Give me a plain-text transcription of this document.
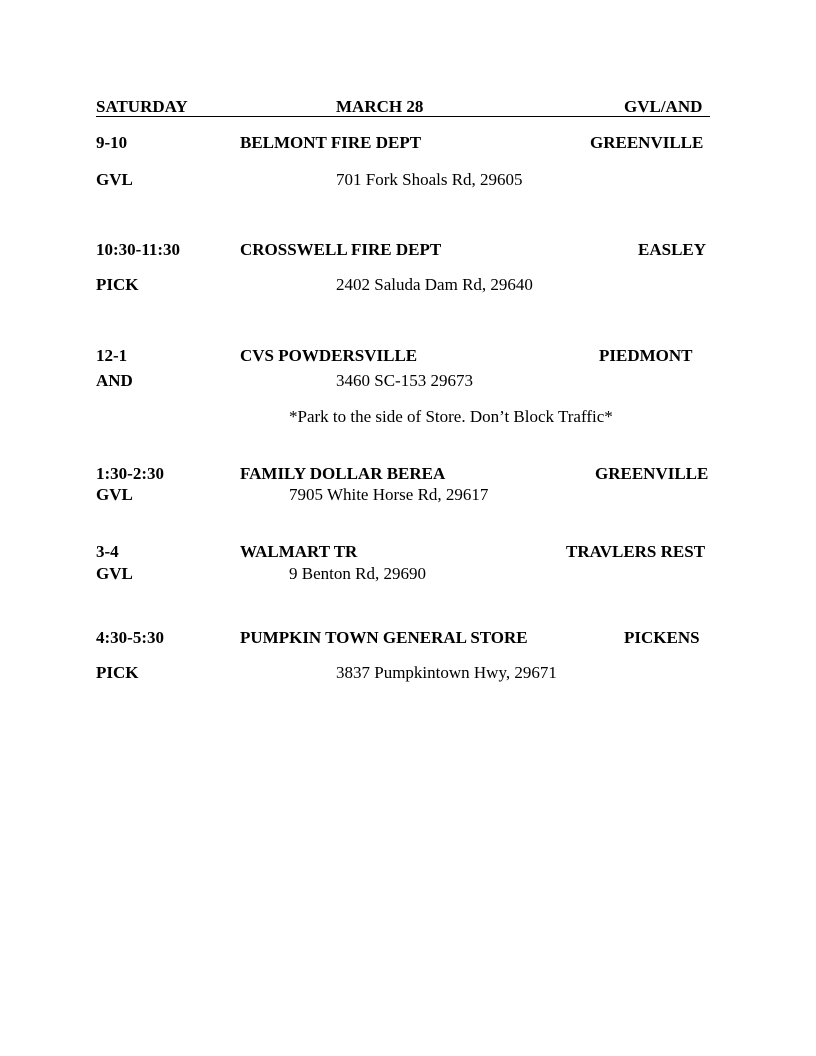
SATURDAY	MARCH 28	GVL/AND
9-10	BELMONT FIRE DEPT	GREENVILLE
GVL	701 Fork Shoals Rd, 29605
10:30-11:30	CROSSWELL FIRE DEPT	EASLEY
PICK	2402 Saluda Dam Rd, 29640
12-1	CVS POWDERSVILLE	PIEDMONT
AND	3460 SC-153 29673
*Park to the side of Store. Don’t Block Traffic*
1:30-2:30	FAMILY DOLLAR BEREA	GREENVILLE
GVL	7905 White Horse Rd, 29617
3-4	WALMART TR	TRAVLERS REST
GVL	9 Benton Rd, 29690
4:30-5:30	PUMPKIN TOWN GENERAL STORE	PICKENS
PICK	3837 Pumpkintown Hwy, 29671
